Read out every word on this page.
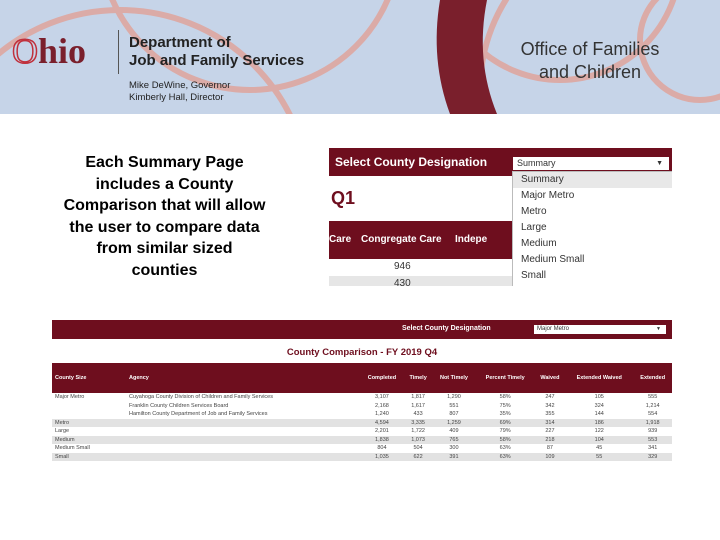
Ohio	Department of
Job and Family Services
Mike DeWine, Governor
Kimberly Hall, Director
Office of Families
and Children
Each Summary Page includes a County Comparison that will allow the user to compare data from similar sized counties
Select County Designation	Summary	▼
Q1
Care Congregate Care Indepe
946
430
Summary
Major Metro
Metro
Large
Medium
Medium Small
Small
Select County Designation	Major Metro	▼
County Comparison - FY 2019 Q4
County Size	Agency	Completed	Timely	Not Timely	Percent Timely	Waived	Extended Waived	Extended
Major Metro	Cuyahoga County Division of Children and Family Services	3,107	1,817	1,290	58%	247	105	555
	Franklin County Children Services Board	2,168	1,617	551	75%	342	324	1,214
	Hamilton County Department of Job and Family Services	1,240	433	807	35%	355	144	554
Metro		4,594	3,335	1,259	69%	314	186	1,918
Large		2,201	1,722	409	79%	227	122	939
Medium		1,838	1,073	765	58%	218	104	553
Medium Small		804	504	300	63%	87	45	341
Small		1,035	622	391	63%	109	55	329
